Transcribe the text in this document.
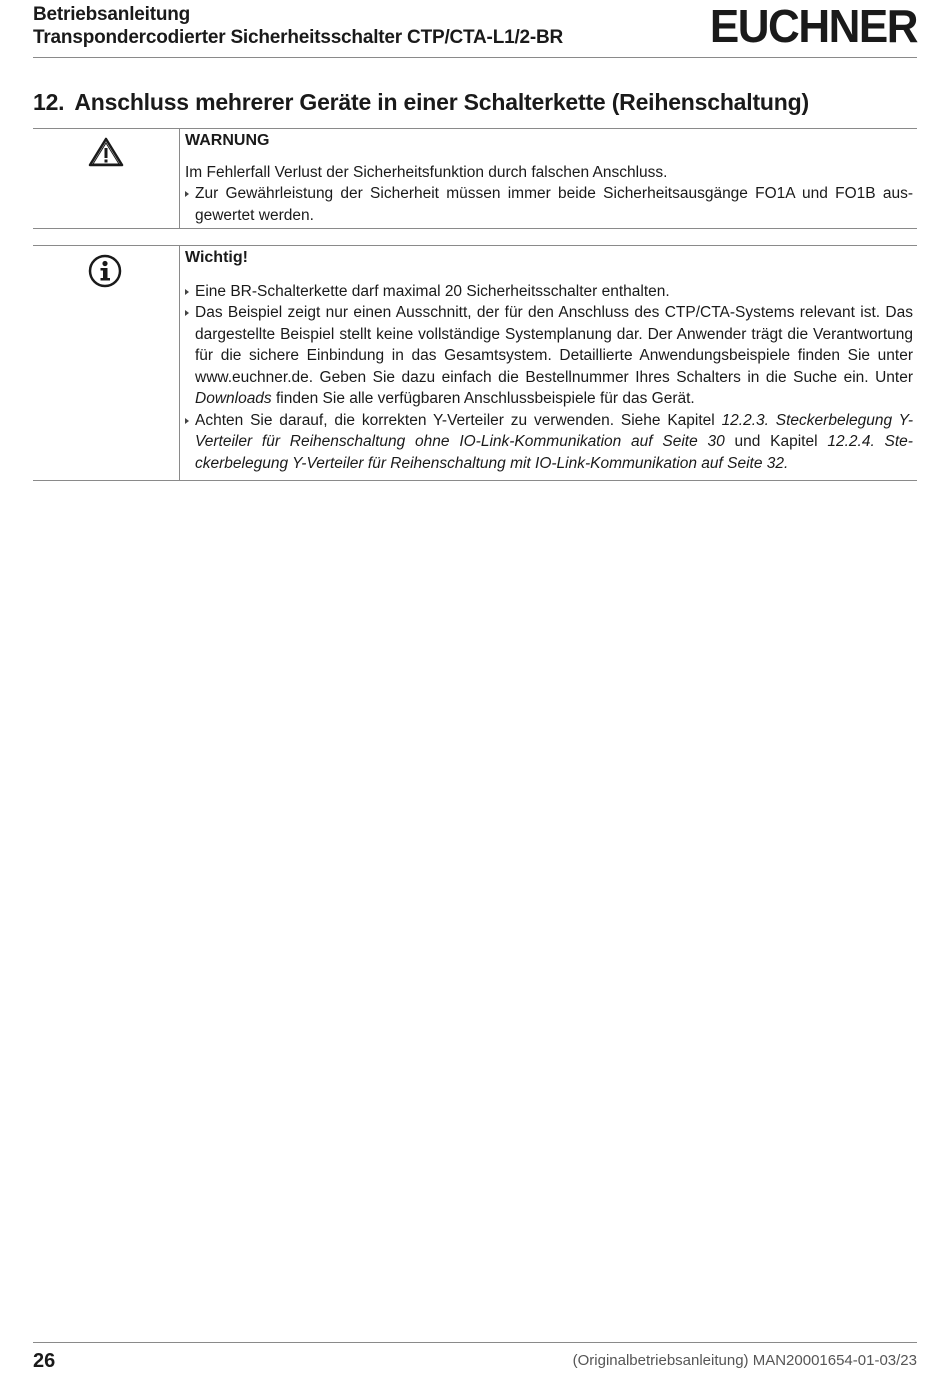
Betriebsanleitung
Transpondercodierter Sicherheitsschalter CTP/CTA-L1/2-BR	EUCHNER
12. Anschluss mehrerer Geräte in einer Schalterkette (Reihenschaltung)
WARNUNG
Im Fehlerfall Verlust der Sicherheitsfunktion durch falschen Anschluss.
Zur Gewährleistung der Sicherheit müssen immer beide Sicherheitsausgänge FO1A und FO1B ausgewertet werden.
Wichtig!
Eine BR-Schalterkette darf maximal 20 Sicherheitsschalter enthalten.
Das Beispiel zeigt nur einen Ausschnitt, der für den Anschluss des CTP/CTA-Systems relevant ist. Das dargestellte Beispiel stellt keine vollständige Systemplanung dar. Der Anwender trägt die Verantwortung für die sichere Einbindung in das Gesamtsystem. Detaillierte Anwendungsbeispiele finden Sie unter www.euchner.de. Geben Sie dazu einfach die Bestellnummer Ihres Schalters in die Suche ein. Unter Downloads finden Sie alle verfügbaren Anschlussbeispiele für das Gerät.
Achten Sie darauf, die korrekten Y-Verteiler zu verwenden. Siehe Kapitel 12.2.3. Steckerbelegung Y-Verteiler für Reihenschaltung ohne IO-Link-Kommunikation auf Seite 30 und Kapitel 12.2.4. Steckerbelegung Y-Verteiler für Reihenschaltung mit IO-Link-Kommunikation auf Seite 32.
26	(Originalbetriebsanleitung) MAN20001654-01-03/23
